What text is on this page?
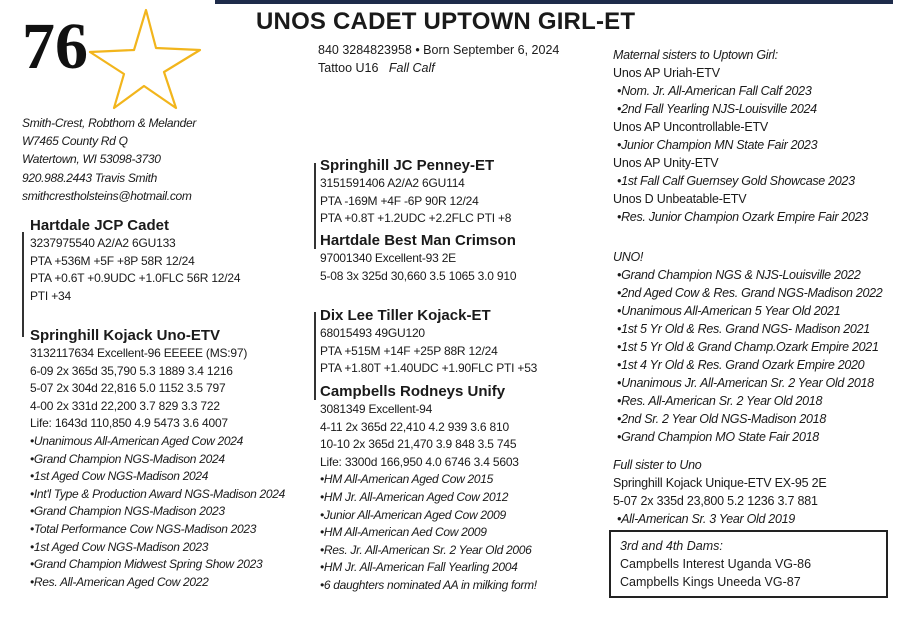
76	UNOS CADET UPTOWN GIRL-ET
840 3284823958 • Born September 6, 2024
Tattoo U16 Fall Calf
Smith-Crest, Robthom & Melander
W7465 County Rd Q
Watertown, WI 53098-3730
920.988.2443 Travis Smith
smithcrestholsteins@hotmail.com
Hartdale JCP Cadet
3237975540 A2/A2 6GU133
PTA +536M +5F +8P 58R 12/24
PTA +0.6T +0.9UDC +1.0FLC 56R 12/24
PTI +34
Springhill Kojack Uno-ETV
3132117634 Excellent-96 EEEEE (MS:97)
6-09 2x 365d 35,790 5.3 1889 3.4 1216
5-07 2x 304d 22,816 5.0 1152 3.5 797
4-00 2x 331d 22,200 3.7 829 3.3 722
Life: 1643d 110,850 4.9 5473 3.6 4007
•Unanimous All-American Aged Cow 2024
•Grand Champion NGS-Madison 2024
•1st Aged Cow NGS-Madison 2024
•Int'l Type & Production Award NGS-Madison 2024
•Grand Champion NGS-Madison 2023
•Total Performance Cow NGS-Madison 2023
•1st Aged Cow NGS-Madison 2023
•Grand Champion Midwest Spring Show 2023
•Res. All-American Aged Cow 2022
Springhill JC Penney-ET
3151591406 A2/A2 6GU114
PTA -169M +4F -6P 90R 12/24
PTA +0.8T +1.2UDC +2.2FLC PTI +8
Hartdale Best Man Crimson
97001340 Excellent-93 2E
5-08 3x 325d 30,660 3.5 1065 3.0 910
Dix Lee Tiller Kojack-ET
68015493 49GU120
PTA +515M +14F +25P 88R 12/24
PTA +1.80T +1.40UDC +1.90FLC PTI +53
Campbells Rodneys Unify
3081349 Excellent-94
4-11 2x 365d 22,410 4.2 939 3.6 810
10-10 2x 365d 21,470 3.9 848 3.5 745
Life: 3300d 166,950 4.0 6746 3.4 5603
•HM All-American Aged Cow 2015
•HM Jr. All-American Aged Cow 2012
•Junior All-American Aged Cow 2009
•HM All-American Aed Cow 2009
•Res. Jr. All-American Sr. 2 Year Old 2006
•HM Jr. All-American Fall Yearling 2004
•6 daughters nominated AA in milking form!
Maternal sisters to Uptown Girl:
Unos AP Uriah-ETV
•Nom. Jr. All-American Fall Calf 2023
•2nd Fall Yearling NJS-Louisville 2024
Unos AP Uncontrollable-ETV
•Junior Champion MN State Fair 2023
Unos AP Unity-ETV
•1st Fall Calf Guernsey Gold Showcase 2023
Unos D Unbeatable-ETV
•Res. Junior Champion Ozark Empire Fair 2023
UNO!
•Grand Champion NGS & NJS-Louisville 2022
•2nd Aged Cow & Res. Grand NGS-Madison 2022
•Unanimous All-American 5 Year Old 2021
•1st 5 Yr Old & Res. Grand NGS- Madison 2021
•1st 5 Yr Old & Grand Champ.Ozark Empire 2021
•1st 4 Yr Old & Res. Grand Ozark Empire 2020
•Unanimous Jr. All-American Sr. 2 Year Old 2018
•Res. All-American Sr. 2 Year Old 2018
•2nd Sr. 2 Year Old NGS-Madison 2018
•Grand Champion MO State Fair 2018
Full sister to Uno
Springhill Kojack Unique-ETV EX-95 2E
5-07 2x 335d 23,800 5.2 1236 3.7 881
•All-American Sr. 3 Year Old 2019
3rd and 4th Dams:
Campbells Interest Uganda VG-86
Campbells Kings Uneeda VG-87
